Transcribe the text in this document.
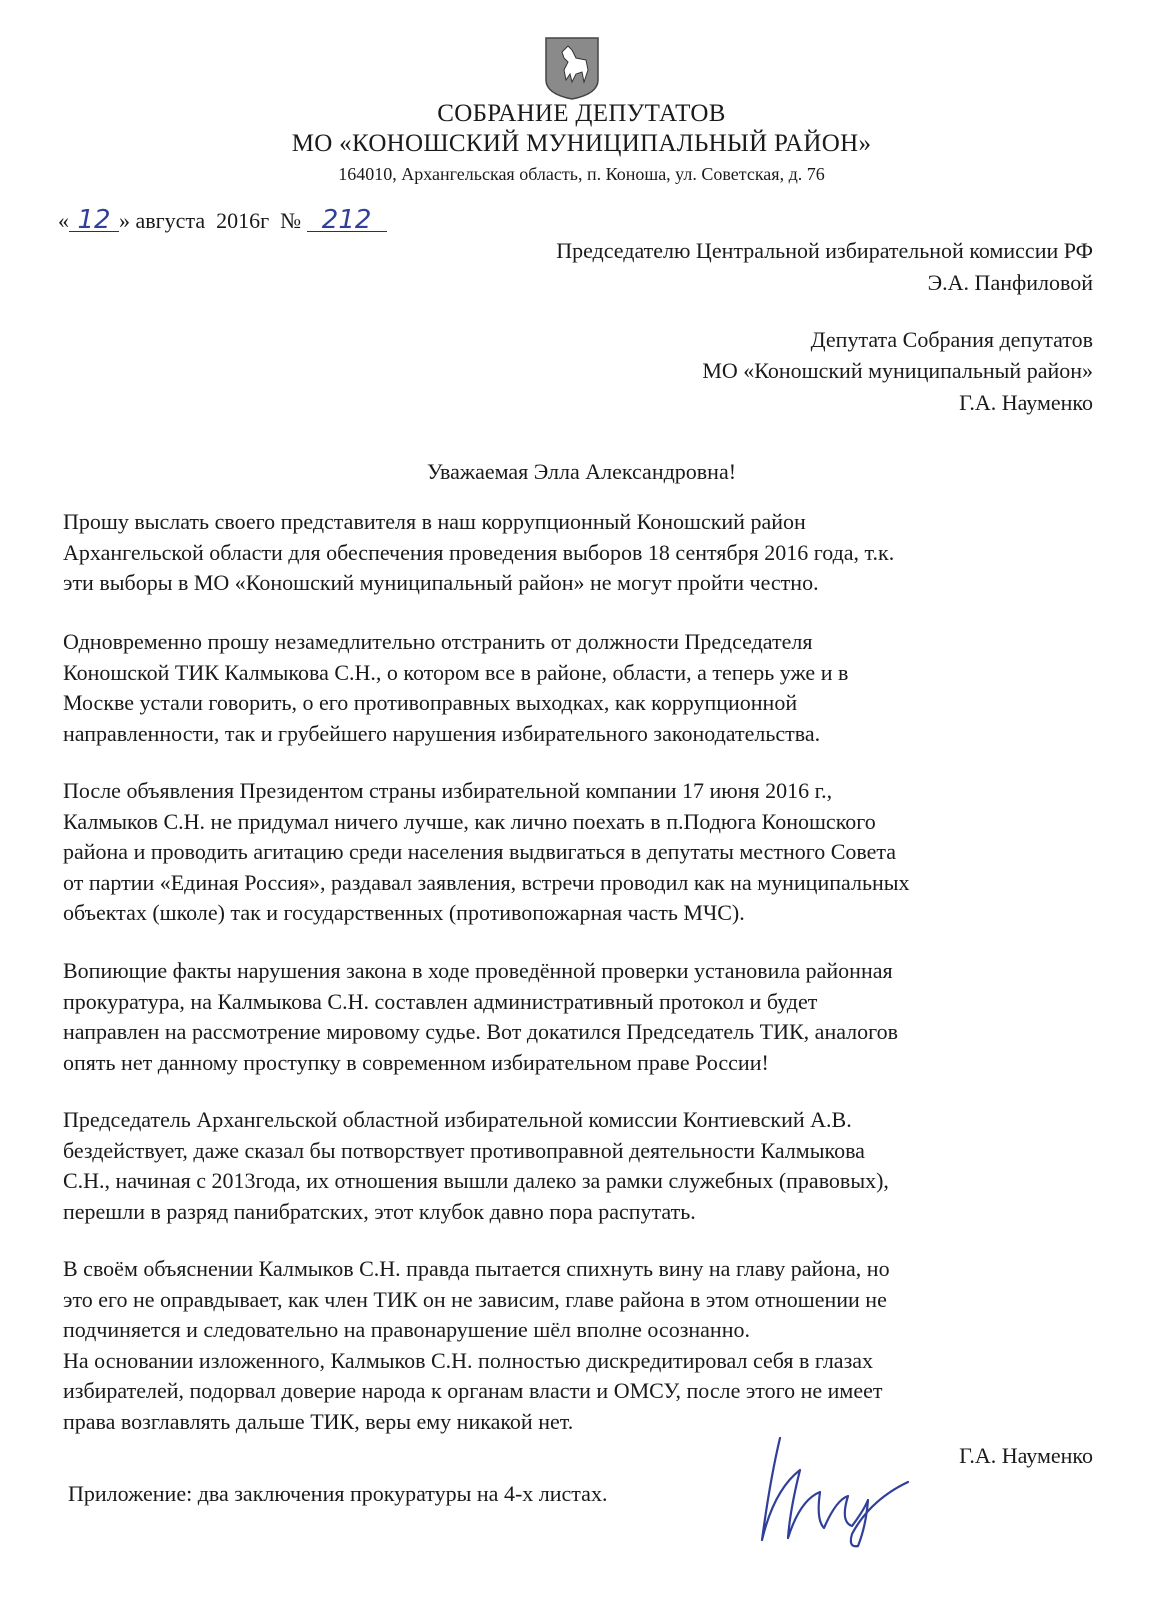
СОБРАНИЕ ДЕПУТАТОВ
МО «КОНОШСКИЙ МУНИЦИПАЛЬНЫЙ РАЙОН»
164010, Архангельская область, п. Коноша, ул. Советская, д. 76
« 12 » августа  2016г  № 212
Председателю Центральной избирательной комиссии РФ
Э.А. Панфиловой
Депутата Собрания депутатов
МО «Коношский муниципальный район»
Г.А. Науменко
Уважаемая Элла Александровна!

Прошу выслать своего представителя в наш коррупционный Коношский район
Архангельской области для обеспечения проведения выборов 18 сентября 2016 года, т.к.
эти выборы в МО «Коношский муниципальный район» не могут пройти честно.

Одновременно прошу незамедлительно отстранить от должности Председателя
Коношской ТИК Калмыкова С.Н., о котором все в районе, области, а теперь уже и в
Москве устали говорить, о его противоправных выходках, как коррупционной
направленности, так и грубейшего нарушения избирательного законодательства.

После объявления Президентом страны избирательной компании 17 июня 2016 г.,
Калмыков С.Н. не придумал ничего лучше, как лично поехать в п.Подюга Коношского
района и проводить агитацию среди населения выдвигаться в депутаты местного Совета
от партии «Единая Россия», раздавал заявления, встречи проводил как на муниципальных
объектах (школе) так и государственных (противопожарная часть МЧС).

Вопиющие факты нарушения закона в ходе проведённой проверки установила районная
прокуратура, на Калмыкова С.Н. составлен административный протокол и будет
направлен на рассмотрение мировому судье. Вот докатился Председатель ТИК, аналогов
опять нет данному проступку в современном избирательном праве России!

Председатель Архангельской областной избирательной комиссии Контиевский А.В.
бездействует, даже сказал бы потворствует противоправной деятельности Калмыкова
С.Н., начиная с 2013года, их отношения вышли далеко за рамки служебных (правовых),
перешли в разряд панибратских, этот клубок давно пора распутать.

В своём объяснении Калмыков С.Н. правда пытается спихнуть вину на главу района, но
это его не оправдывает, как член ТИК он не зависим, главе района в этом отношении не
подчиняется и следовательно на правонарушение шёл вполне осознанно.
На основании изложенного, Калмыков С.Н. полностью дискредитировал себя в глазах
избирателей, подорвал доверие народа к органам власти и ОМСУ, после этого не имеет
права возглавлять дальше ТИК, веры ему никакой нет.

Г.А. Науменко
Приложение: два заключения прокуратуры на 4-х листах.
